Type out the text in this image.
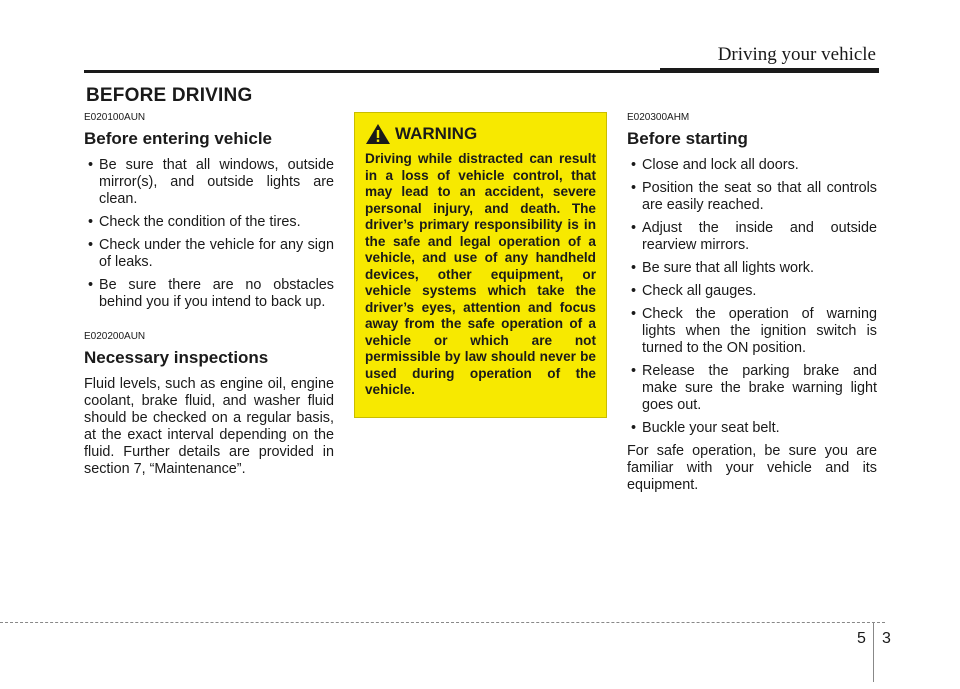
Driving your vehicle
BEFORE DRIVING
E020100AUN
Before entering vehicle
• Be sure that all windows, outside mirror(s), and outside lights are clean.
• Check the condition of the tires.
• Check under the vehicle for any sign of leaks.
• Be sure there are no obstacles behind you if you intend to back up.
E020200AUN
Necessary inspections
Fluid levels, such as engine oil, engine coolant, brake fluid, and washer fluid should be checked on a regular basis, at the exact interval depending on the fluid. Further details are provided in section 7, “Maintenance”.
WARNING
Driving while distracted can result in a loss of vehicle control, that may lead to an accident, severe personal injury, and death. The driver’s primary responsibility is in the safe and legal operation of a vehicle, and use of any handheld devices, other equipment, or vehicle systems which take the driver’s eyes, attention and focus away from the safe operation of a vehicle or which are not permissible by law should never be used during operation of the vehicle.
E020300AHM
Before starting
• Close and lock all doors.
• Position the seat so that all controls are easily reached.
• Adjust the inside and outside rearview mirrors.
• Be sure that all lights work.
• Check all gauges.
• Check the operation of warning lights when the ignition switch is turned to the ON position.
• Release the parking brake and make sure the brake warning light goes out.
• Buckle your seat belt.
For safe operation, be sure you are familiar with your vehicle and its equipment.
5 3
